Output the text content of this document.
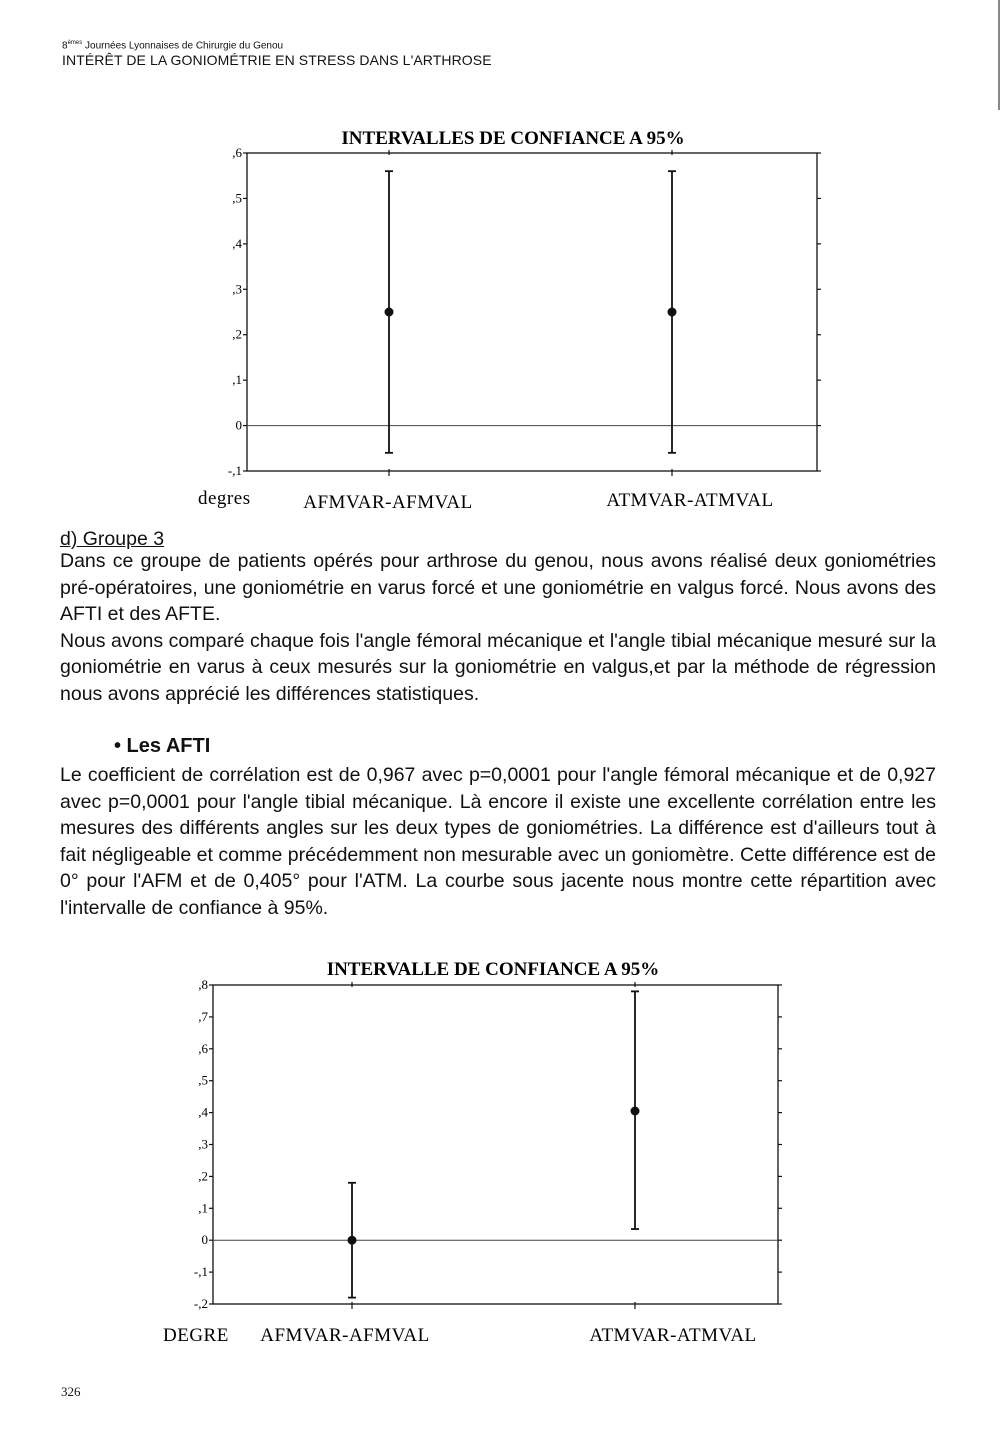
8èmes Journées Lyonnaises de Chirurgie du Genou
INTÉRÊT DE LA GONIOMÉTRIE EN STRESS DANS L'ARTHROSE
INTERVALLES DE CONFIANCE A 95%
-,1
0
,1
,2
,3
,4
,5
,6
degres	AFMVAR-AFMVAL	ATMVAR-ATMVAL
d) Groupe 3

Dans ce groupe de patients opérés pour arthrose du genou, nous avons réalisé deux goniométries pré-opératoires, une goniométrie en varus forcé et une goniométrie en valgus forcé. Nous avons des AFTI et des AFTE.

Nous avons comparé chaque fois l'angle fémoral mécanique et l'angle tibial mécanique mesuré sur la goniométrie en varus à ceux mesurés sur la goniométrie en valgus,et par la méthode de régression nous avons apprécié les différences statistiques.

• Les AFTI

Le coefficient de corrélation est de 0,967 avec p=0,0001 pour l'angle fémoral mécanique et de 0,927 avec p=0,0001 pour l'angle tibial mécanique. Là encore il existe une excellente corrélation entre les mesures des différents angles sur les deux types de goniométries. La différence est d'ailleurs tout à fait négligeable et comme précédemment non mesurable avec un goniomètre. Cette différence est de 0° pour l'AFM et de 0,405° pour l'ATM. La courbe sous jacente nous montre cette répartition avec l'intervalle de confiance à 95%.

INTERVALLE DE CONFIANCE A 95%
-,2
-,1
0
,1
,2
,3
,4
,5
,6
,7
,8
DEGRE AFMVAR-AFMVAL	ATMVAR-ATMVAL
326
